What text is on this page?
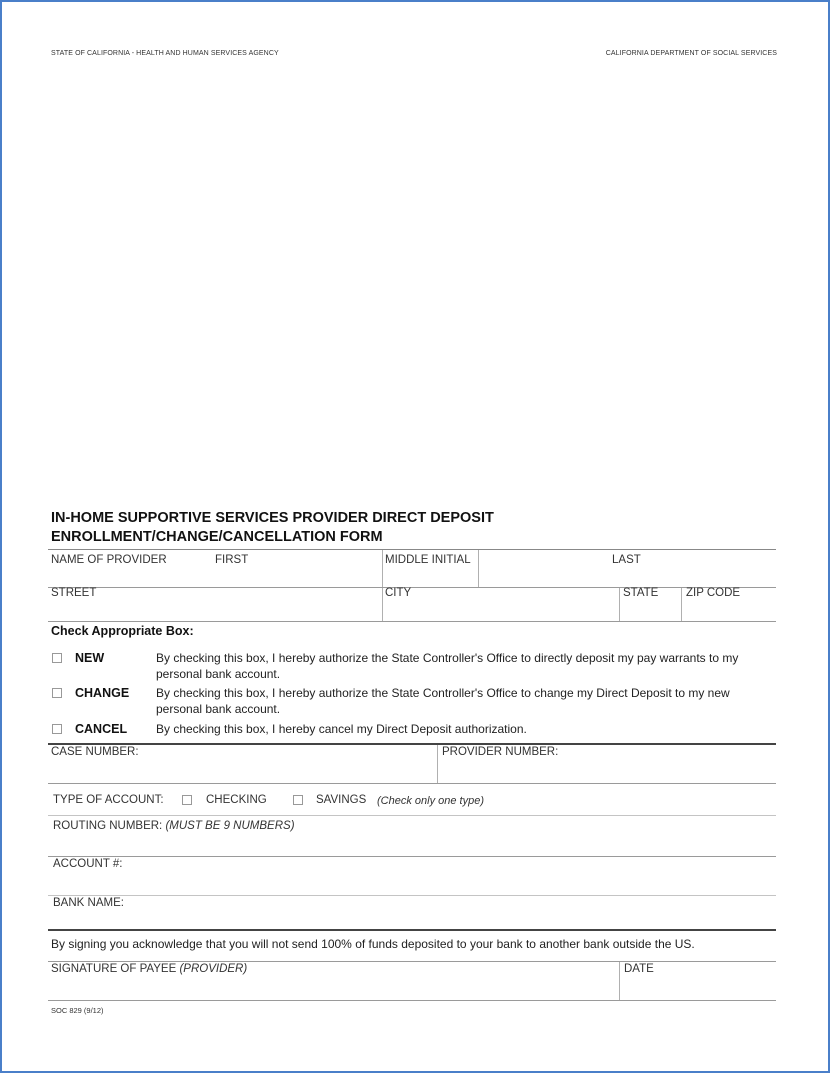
STATE OF CALIFORNIA - HEALTH AND HUMAN SERVICES AGENCY	CALIFORNIA DEPARTMENT OF SOCIAL SERVICES
IN-HOME SUPPORTIVE SERVICES PROVIDER DIRECT DEPOSIT
ENROLLMENT/CHANGE/CANCELLATION FORM
NAME OF PROVIDER	FIRST	MIDDLE INITIAL	LAST
STREET	CITY	STATE ZIP CODE
Check Appropriate Box:
NEW	By checking this box, I hereby authorize the State Controller's Office to directly deposit my pay warrants to my personal bank account.
CHANGE By checking this box, I hereby authorize the State Controller's Office to change my Direct Deposit to my new personal bank account.
CANCEL By checking this box, I hereby cancel my Direct Deposit authorization.
CASE NUMBER:	PROVIDER NUMBER:
TYPE OF ACCOUNT:	CHECKING	SAVINGS (Check only one type)
ROUTING NUMBER: (MUST BE 9 NUMBERS)
ACCOUNT #:
BANK NAME:
By signing you acknowledge that you will not send 100% of funds deposited to your bank to another bank outside the US.
SIGNATURE OF PAYEE (PROVIDER)	DATE
SOC 829 (9/12)
